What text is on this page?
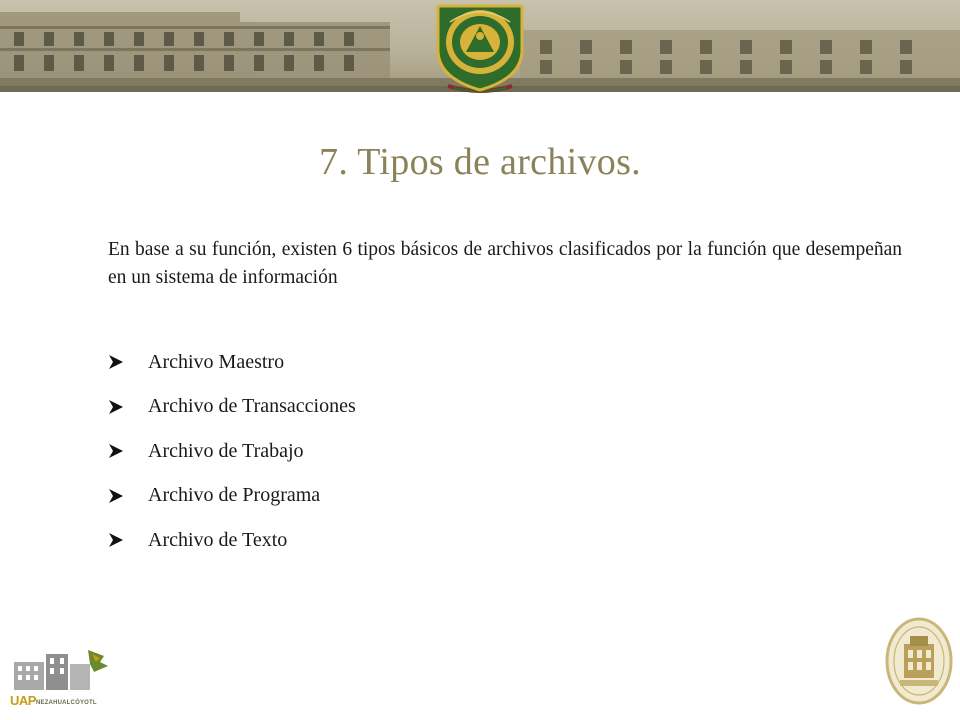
7. Tipos de archivos.
En base a su función, existen 6 tipos básicos de archivos clasificados por la función que desempeñan en un sistema de información
Archivo Maestro
Archivo de Transacciones
Archivo de Trabajo
Archivo de Programa
Archivo de Texto
UAPNEZAHUALCÓYOTL
